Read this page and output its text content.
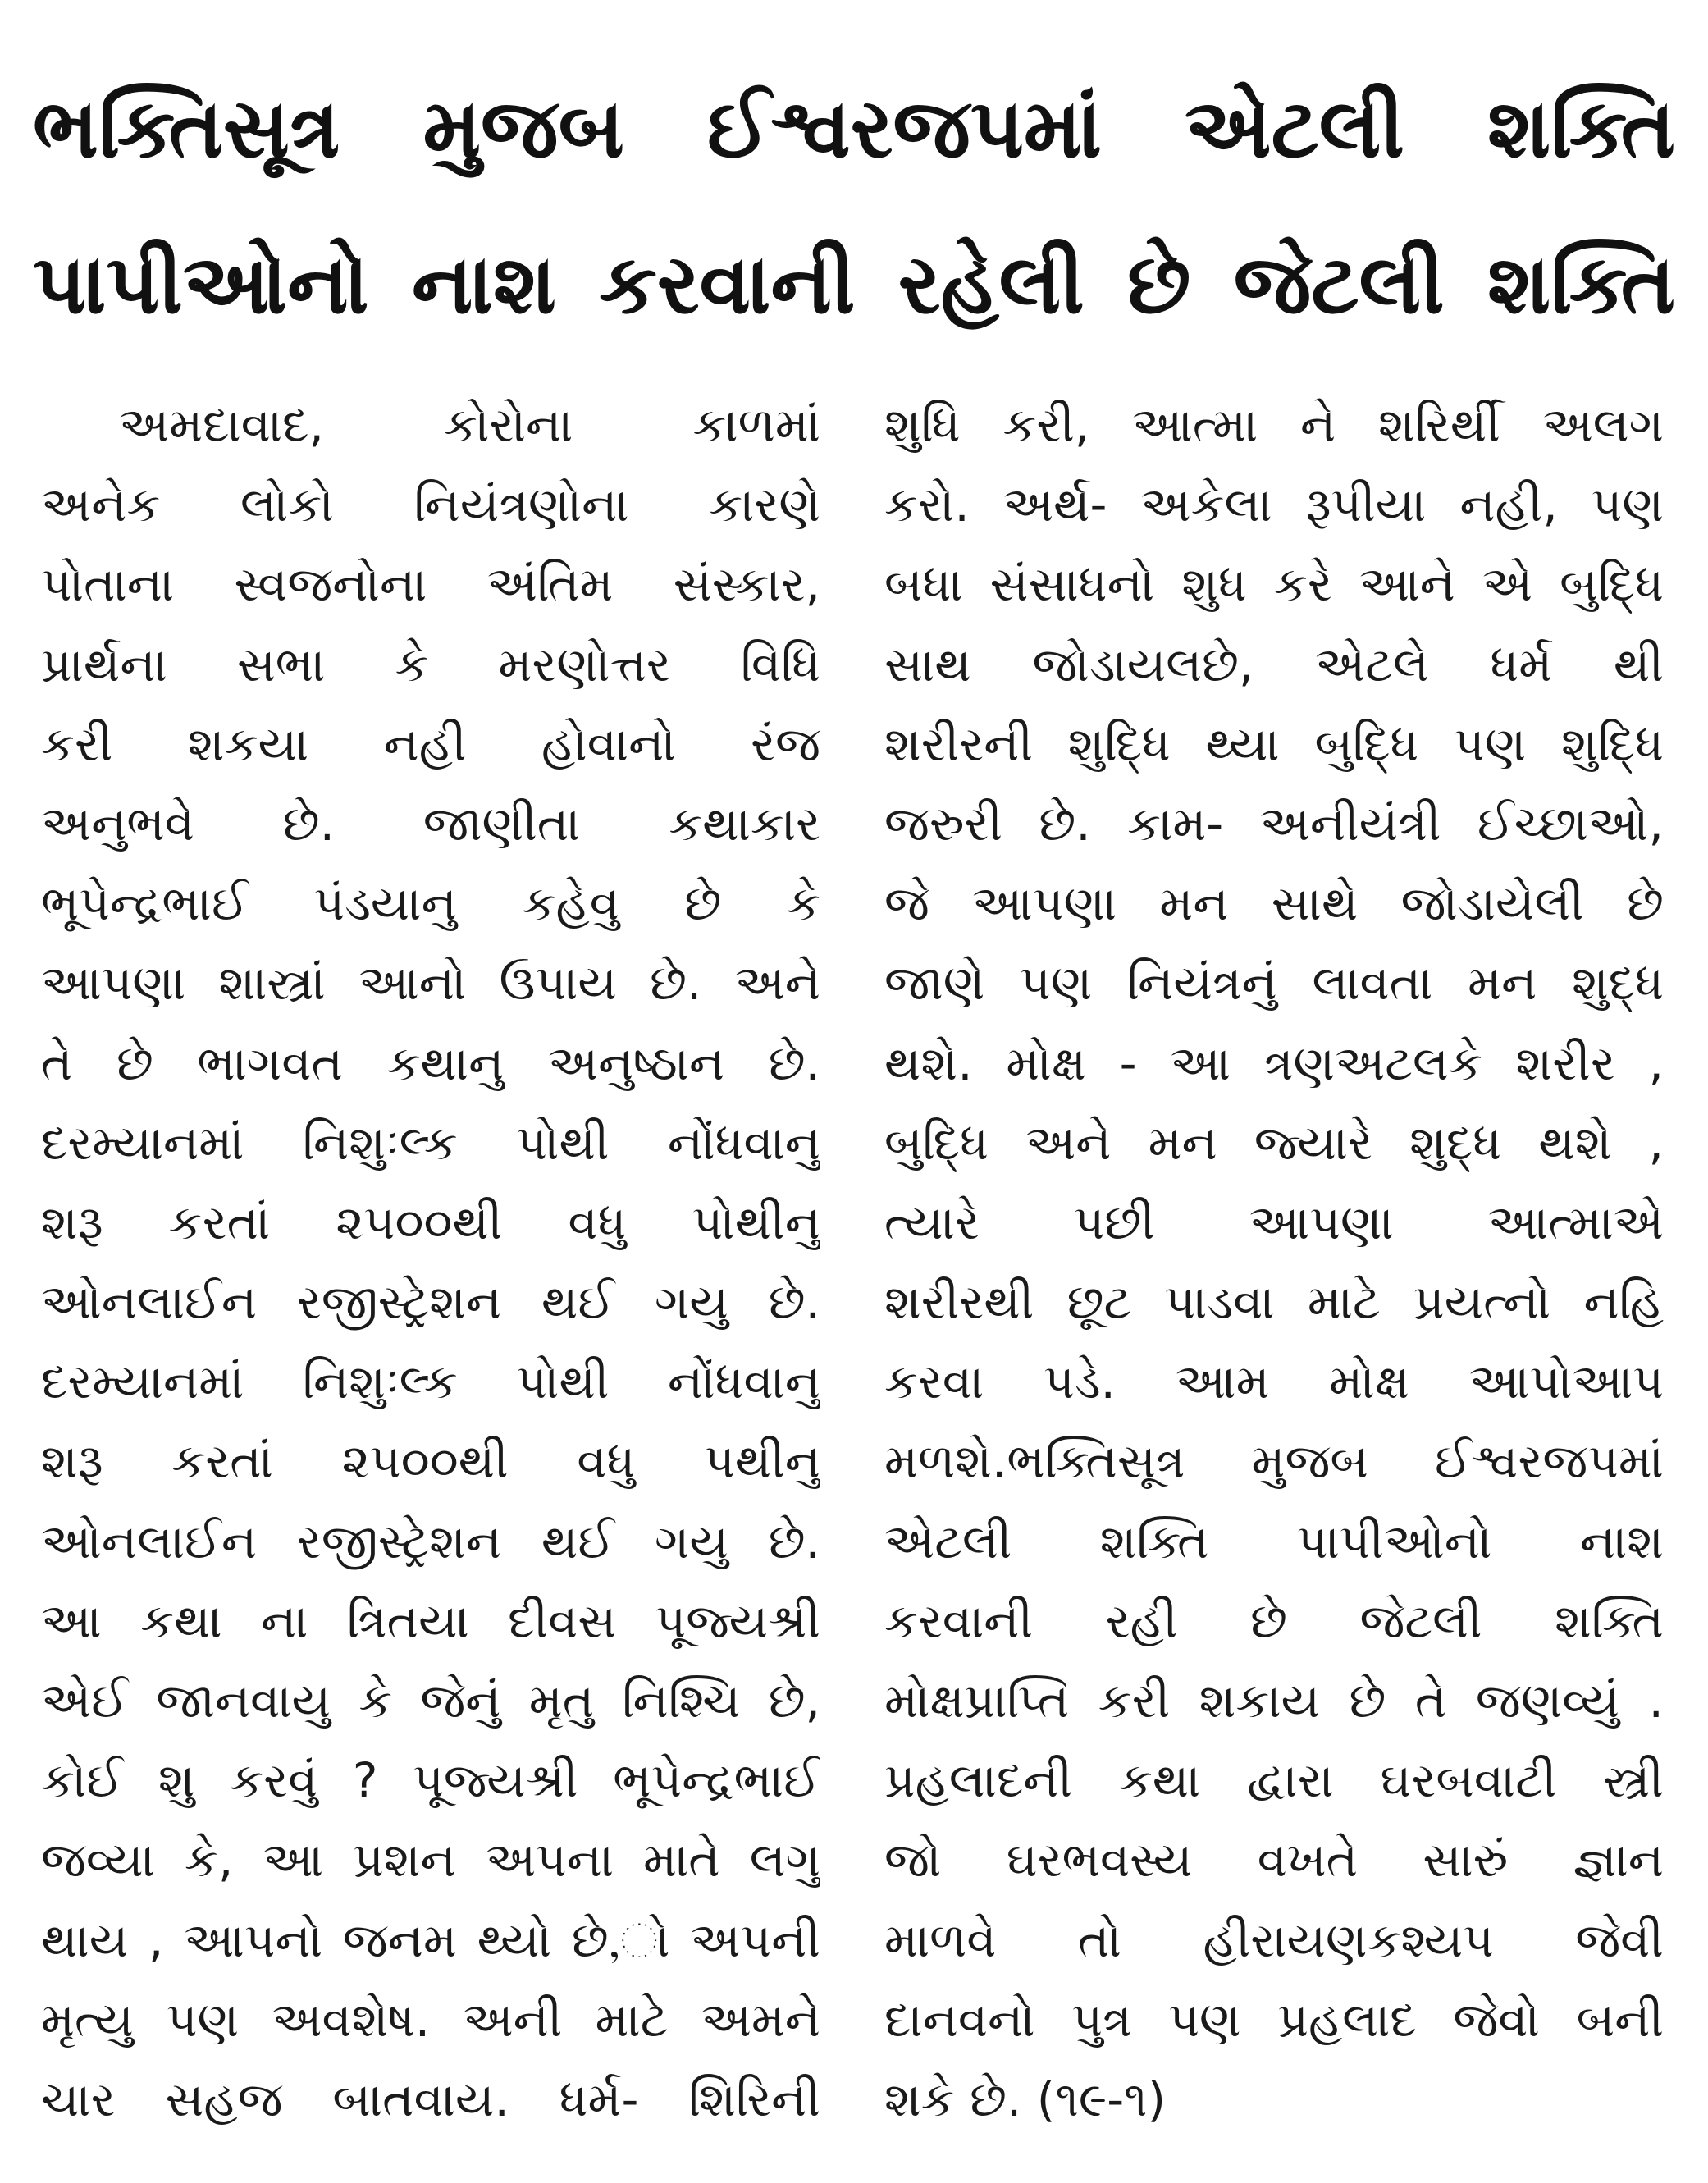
ભક્તિસૂત્ર મુજબ ઈશ્વરજપમાં એટલી શક્તિ
પાપીઓનો નાશ કરવાની રહેલી છે જેટલી શક્તિ
અમદાવાદ, કોરોના કાળમાં
અનેક લોકો નિયંત્રણોના કારણે
પોતાના સ્વજનોના અંતિમ સંસ્કાર,
પ્રાર્થના સભા કે મરણોત્તર વિધિ
કરી શકયા નહી હોવાનો રંજ
અનુભવે છે. જાણીતા કથાકાર
ભૂપેન્દ્રભાઈ પંડયાનુ કહેવુ છે કે
આપણા શાસ્ત્રાં આનો ઉપાય છે. અને
તે છે ભાગવત કથાનુ અનુષ્ઠાન છે.
દરમ્યાનમાં નિશુઃલ્ક પોથી નોંધવાનુ
શરૂ કરતાં ૨૫૦૦થી વધુ પોથીનુ
ઓનલાઈન રજીસ્ટ્રેશન થઈ ગયુ છે.
દરમ્યાનમાં નિશુઃલ્ક પોથી નોંધવાનુ
શરૂ કરતાં ૨૫૦૦થી વધુ પથીનુ
ઓનલાઈન રજીસ્ટ્રેશન થઈ ગયુ છે.
આ કથા ના ત્રિતયા દીવસ પૂજ્યશ્રી
એઈ જાનવાયુ કે જેનું મૃતુ નિશ્ચિ છે,
કોઈ શુ કરવું ? પૂજ્યશ્રી ભૂપેન્દ્રભાઈ
જવ્યા કે, આ પ્રશન અપના માતે લગુ
થાય , આપનો જનમ થ્યો છે,ો અપની
મૃત્યુ પણ અવશેષ. અની માટે અમને
ચાર સહજ બાતવાય. ધર્મ- શિરિની
શુધિ કરી, આત્મા ને શરિર્થી અલગ
કરો. અર્થ- અકેલા રૂપીયા નહી, પણ
બધા સંસાધનો શુધ કરે આને એ બુદ્ધિ
સાથ જોડાયલછે, એટલે ધર્મ થી
શરીરની શુદ્ધિ થ્યા બુદ્ધિ પણ શુદ્ધિ
જરુરી છે. કામ- અનીયંત્રી ઈચ્છાઓ,
જે આપણા મન સાથે જોડાયેલી છે
જાણે પણ નિયંત્રનું લાવતા મન શુદ્ધ
થશે. મોક્ષ - આ ત્રણઅટલકે શરીર ,
બુદ્ધિ અને મન જ્યારે શુદ્ધ થશે ,
ત્યારે પછી આપણા આત્માએ
શરીરથી છૂટ પાડવા માટે પ્રયત્નો નહિ
કરવા પડે. આમ મોક્ષ આપોઆપ
મળશે.ભક્તિસૂત્ર મુજબ ઈશ્વરજપમાં
એટલી શક્તિ પાપીઓનો નાશ
કરવાની રહી છે જેટલી શક્તિ
મોક્ષપ્રાપ્તિ કરી શકાય છે તે જણવ્યું .
પ્રહલાદની કથા દ્વારા ઘરબવાટી સ્ત્રી
જો ઘરભવસ્ય વખતે સારું જ્ઞાન
માળવે તો હીરાયણકશ્યપ જેવી
દાનવનો પુત્ર પણ પ્રહલાદ જેવો બની
શકે છે. (૧૯-૧)
